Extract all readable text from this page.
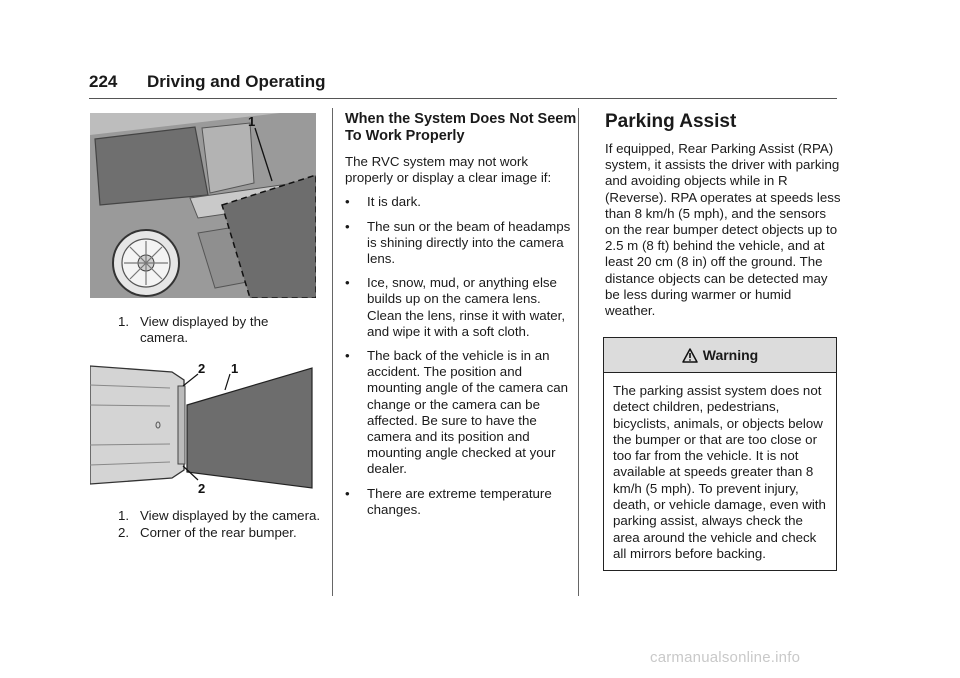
224 Driving and Operating
1
1. View displayed by the camera.
2 1
2
1. View displayed by the camera.
2. Corner of the rear bumper.
When the System Does Not Seem To Work Properly

The RVC system may not work properly or display a clear image if:

•	It is dark.
•	The sun or the beam of headamps is shining directly into the camera lens.
•	Ice, snow, mud, or anything else builds up on the camera lens. Clean the lens, rinse it with water, and wipe it with a soft cloth.
•	The back of the vehicle is in an accident. The position and mounting angle of the camera can change or the camera can be affected. Be sure to have the camera and its position and mounting angle checked at your dealer.
•	There are extreme temperature changes.
Parking Assist

If equipped, Rear Parking Assist (RPA) system, it assists the driver with parking and avoiding objects while in R (Reverse). RPA operates at speeds less than 8 km/h (5 mph), and the sensors on the rear bumper detect objects up to 2.5 m (8 ft) behind the vehicle, and at least 20 cm (8 in) off the ground. The distance objects can be detected may be less during warmer or humid weather.

Warning
The parking assist system does not detect children, pedestrians, bicyclists, animals, or objects below the bumper or that are too close or too far from the vehicle. It is not available at speeds greater than 8 km/h (5 mph). To prevent injury, death, or vehicle damage, even with parking assist, always check the area around the vehicle and check all mirrors before backing.
carmanualsonline.info
